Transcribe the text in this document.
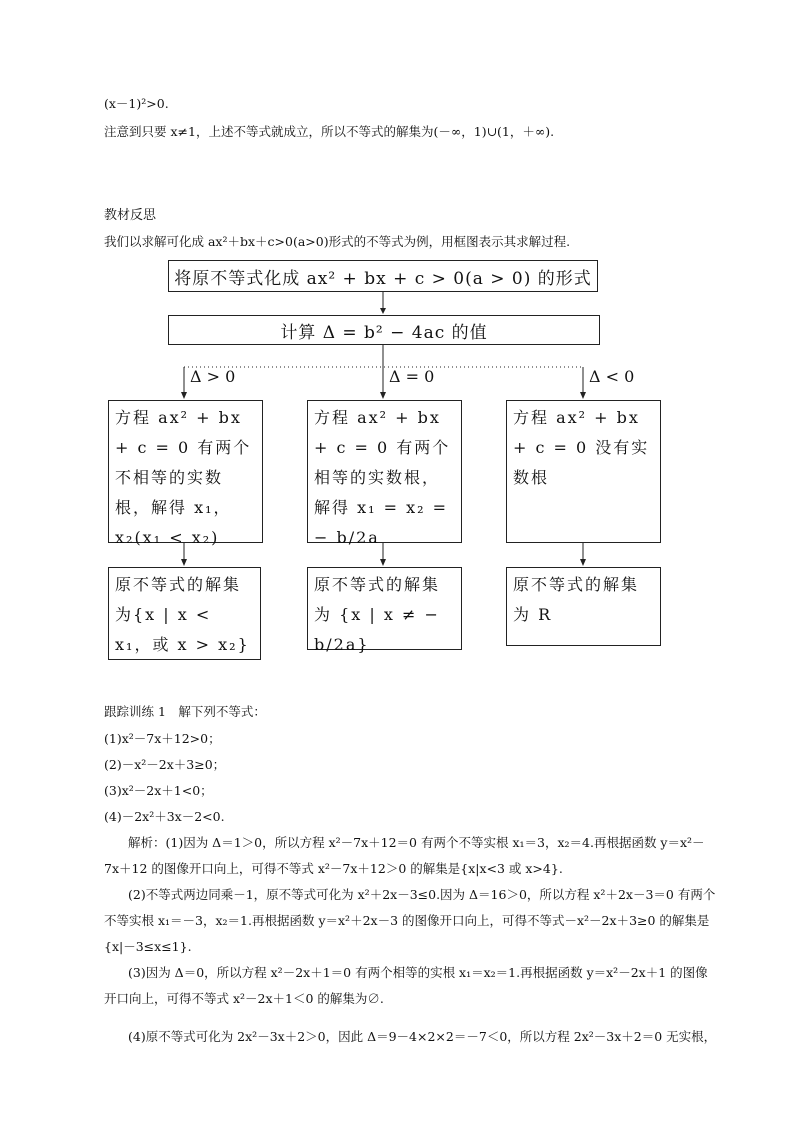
(x－1)²>0.
注意到只要 x≠1，上述不等式就成立，所以不等式的解集为(－∞，1)∪(1，＋∞).
教材反思
我们以求解可化成 ax²＋bx＋c>0(a>0)形式的不等式为例，用框图表示其求解过程.
将原不等式化成 ax² + bx + c > 0(a > 0) 的形式
计算 Δ = b² − 4ac 的值
Δ > 0	Δ = 0	Δ < 0
方程 ax² + bx + c = 0 有两个不相等的实数根，解得 x₁，x₂(x₁ < x₂)
方程 ax² + bx + c = 0 有两个相等的实数根，解得 x₁ = x₂ = − b/2a
方程 ax² + bx + c = 0 没有实数根
原不等式的解集为{x | x < x₁，或 x > x₂}
原不等式的解集为 {x | x ≠ − b/2a}
原不等式的解集为 R
跟踪训练 1　解下列不等式：
(1)x²－7x＋12>0；
(2)－x²－2x＋3≥0；
(3)x²－2x＋1<0；
(4)－2x²＋3x－2<0.
解析：(1)因为 Δ＝1＞0，所以方程 x²－7x＋12＝0 有两个不等实根 x₁＝3，x₂＝4.再根据函数 y＝x²－7x＋12 的图像开口向上，可得不等式 x²－7x＋12＞0 的解集是{x|x<3 或 x>4}.
(2)不等式两边同乘－1，原不等式可化为 x²＋2x－3≤0.因为 Δ＝16＞0，所以方程 x²＋2x－3＝0 有两个不等实根 x₁＝－3，x₂＝1.再根据函数 y＝x²＋2x－3 的图像开口向上，可得不等式－x²－2x＋3≥0 的解集是{x|－3≤x≤1}.
(3)因为 Δ＝0，所以方程 x²－2x＋1＝0 有两个相等的实根 x₁＝x₂＝1.再根据函数 y＝x²－2x＋1 的图像开口向上，可得不等式 x²－2x＋1＜0 的解集为∅.
(4)原不等式可化为 2x²－3x＋2＞0，因此 Δ＝9－4×2×2＝－7＜0，所以方程 2x²－3x＋2＝0 无实根，
